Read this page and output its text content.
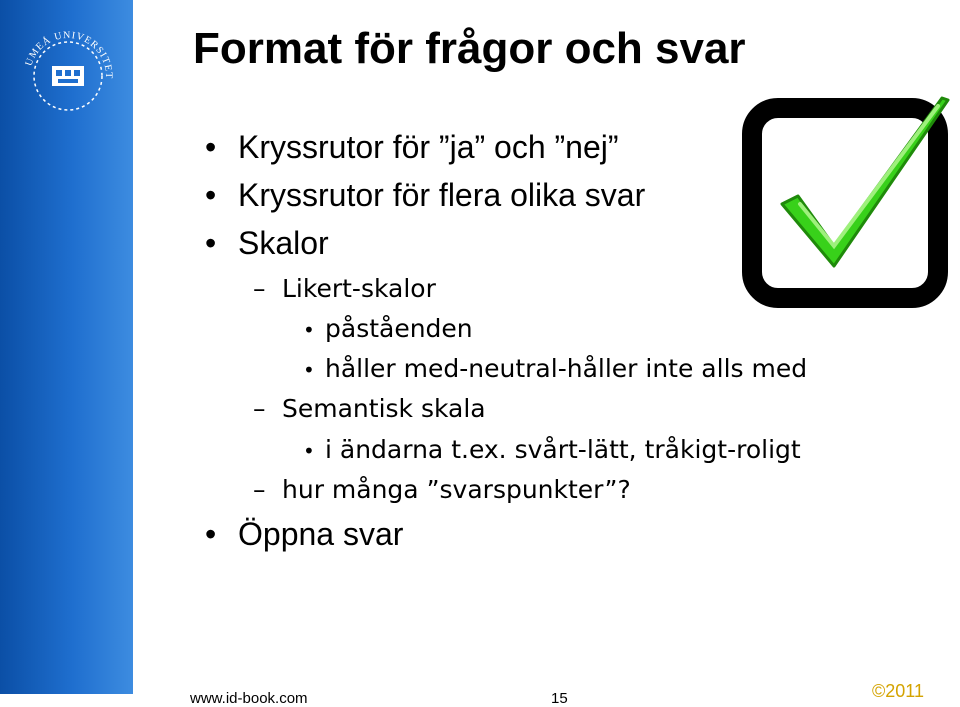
UMEÅ UNIVERSITET
Format för frågor och svar
• Kryssrutor för ”ja” och ”nej”
• Kryssrutor för flera olika svar
• Skalor
– Likert-skalor
• påståenden
• håller med-neutral-håller inte alls med
– Semantisk skala
• i ändarna t.ex. svårt-lätt, tråkigt-roligt
– hur många ”svarspunkter”?
• Öppna svar
www.id-book.com	15	©2011
